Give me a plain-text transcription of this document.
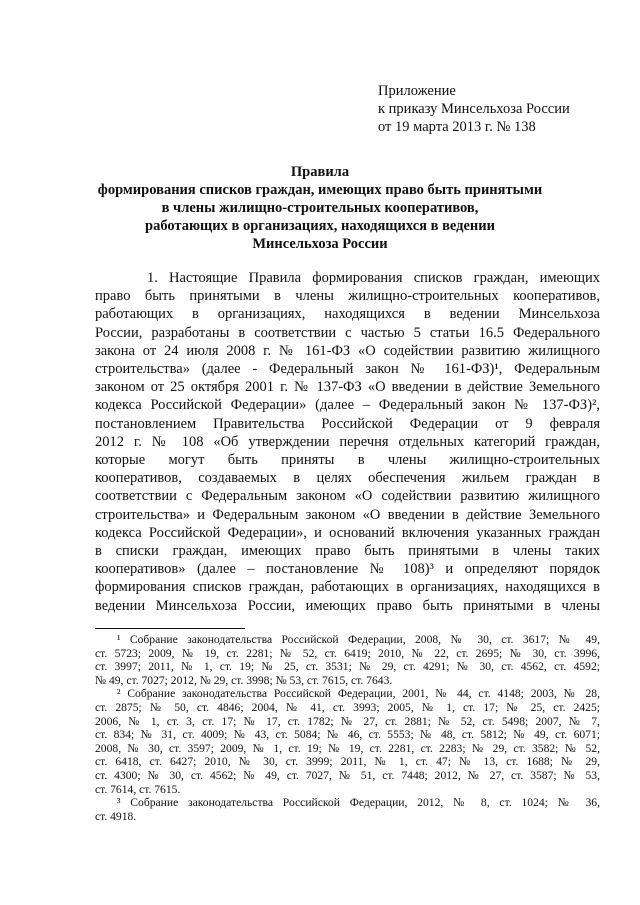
Приложение
к приказу Минсельхоза России
от 19 марта 2013 г. № 138
Правила
формирования списков граждан, имеющих право быть принятыми
в члены жилищно-строительных кооперативов,
работающих в организациях, находящихся в ведении
Минсельхоза России
1. Настоящие Правила формирования списков граждан, имеющих
право быть принятыми в члены жилищно-строительных кооперативов,
работающих в организациях, находящихся в ведении Минсельхоза
России, разработаны в соответствии с частью 5 статьи 16.5 Федерального
закона от 24 июля 2008 г. № 161-ФЗ «О содействии развитию жилищного
строительства» (далее - Федеральный закон № 161-ФЗ)¹, Федеральным
законом от 25 октября 2001 г. № 137-ФЗ «О введении в действие Земельного
кодекса Российской Федерации» (далее – Федеральный закон № 137-ФЗ)²,
постановлением Правительства Российской Федерации от 9 февраля
2012 г. № 108 «Об утверждении перечня отдельных категорий граждан,
которые могут быть приняты в члены жилищно-строительных
кооперативов, создаваемых в целях обеспечения жильем граждан в
соответствии с Федеральным законом «О содействии развитию жилищного
строительства» и Федеральным законом «О введении в действие Земельного
кодекса Российской Федерации», и оснований включения указанных граждан
в списки граждан, имеющих право быть принятыми в члены таких
кооперативов» (далее – постановление № 108)³ и определяют порядок
формирования списков граждан, работающих в организациях, находящихся в
ведении Минсельхоза России, имеющих право быть принятыми в члены
¹ Собрание законодательства Российской Федерации, 2008, № 30, ст. 3617; № 49,
ст. 5723; 2009, № 19, ст. 2281; № 52, ст. 6419; 2010, № 22, ст. 2695; № 30, ст. 3996,
ст. 3997; 2011, № 1, ст. 19; № 25, ст. 3531; № 29, ст. 4291; № 30, ст. 4562, ст. 4592;
№ 49, ст. 7027; 2012, № 29, ст. 3998; № 53, ст. 7615, ст. 7643.
² Собрание законодательства Российской Федерации, 2001, № 44, ст. 4148; 2003, № 28,
ст. 2875; № 50, ст. 4846; 2004, № 41, ст. 3993; 2005, № 1, ст. 17; № 25, ст. 2425;
2006, № 1, ст. 3, ст. 17; № 17, ст. 1782; № 27, ст. 2881; № 52, ст. 5498; 2007, № 7,
ст. 834; № 31, ст. 4009; № 43, ст. 5084; № 46, ст. 5553; № 48, ст. 5812; № 49, ст. 6071;
2008, № 30, ст. 3597; 2009, № 1, ст. 19; № 19, ст. 2281, ст. 2283; № 29, ст. 3582; № 52,
ст. 6418, ст. 6427; 2010, № 30, ст. 3999; 2011, № 1, ст. 47; № 13, ст. 1688; № 29,
ст. 4300; № 30, ст. 4562; № 49, ст. 7027, № 51, ст. 7448; 2012, № 27, ст. 3587; № 53,
ст. 7614, ст. 7615.
³ Собрание законодательства Российской Федерации, 2012, № 8, ст. 1024; № 36,
ст. 4918.
